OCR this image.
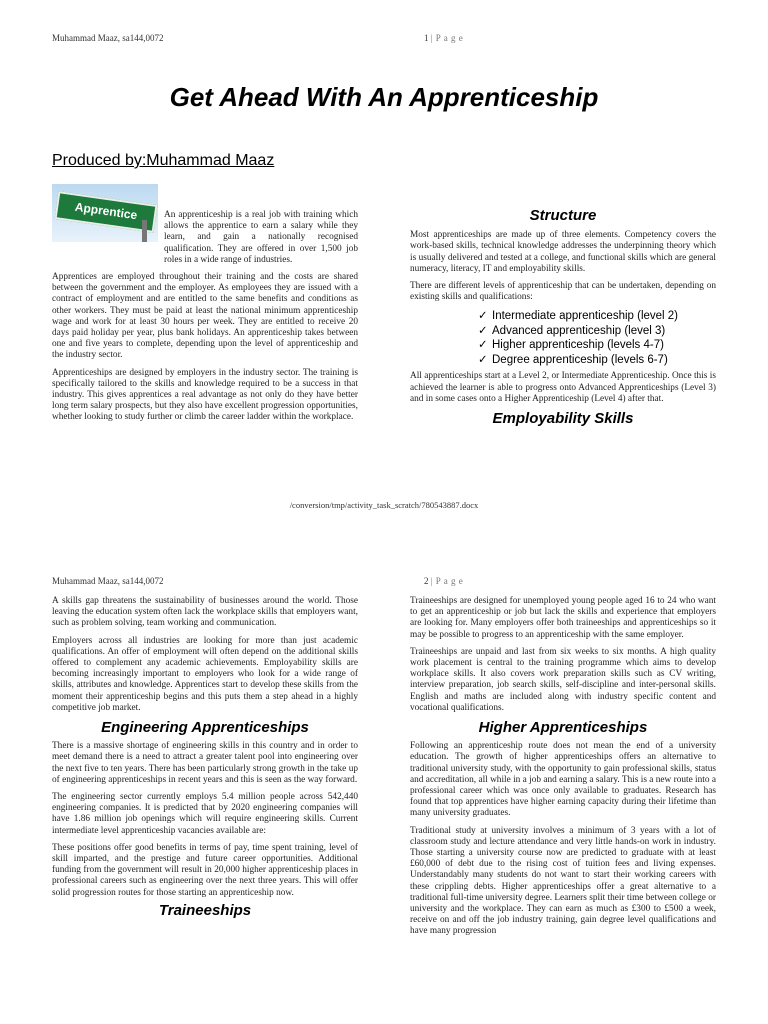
Muhammad Maaz, sa144,0072	1 | P a g e
Get Ahead With An Apprenticeship
Produced by:Muhammad Maaz
Apprentice	An apprenticeship is a real job with training which allows the apprentice to earn a salary while they learn, and gain a nationally recognised qualification. They are offered in over 1,500 job roles in a wide range of industries.

Apprentices are employed throughout their training and the costs are shared between the government and the employer. As employees they are issued with a contract of employment and are entitled to the same benefits and conditions as other workers. They must be paid at least the national minimum apprenticeship wage and work for at least 30 hours per week. They are entitled to receive 20 days paid holiday per year, plus bank holidays. An apprenticeship takes between one and five years to complete, depending upon the level of apprenticeship and the industry sector.

Apprenticeships are designed by employers in the industry sector. The training is specifically tailored to the skills and knowledge required to be a success in that industry. This gives apprentices a real advantage as not only do they have better long term salary prospects, but they also have excellent progression opportunities, whether looking to study further or climb the career ladder within the workplace.

Structure

Most apprenticeships are made up of three elements. Competency covers the work-based skills, technical knowledge addresses the underpinning theory which is usually delivered and tested at a college, and functional skills which are general numeracy, literacy, IT and employability skills.

There are different levels of apprenticeship that can be undertaken, depending on existing skills and qualifications:

✓ Intermediate apprenticeship (level 2)
✓ Advanced apprenticeship (level 3)
✓ Higher apprenticeship (levels 4-7)
✓ Degree apprenticeship (levels 6-7)

All apprenticeships start at a Level 2, or Intermediate Apprenticeship. Once this is achieved the learner is able to progress onto Advanced Apprenticeships (Level 3) and in some cases onto a Higher Apprenticeship (Level 4) after that.

Employability Skills
/conversion/tmp/activity_task_scratch/780543887.docx
Muhammad Maaz, sa144,0072	2 | P a g e

A skills gap threatens the sustainability of businesses around the world. Those leaving the education system often lack the workplace skills that employers want, such as problem solving, team working and communication.

Employers across all industries are looking for more than just academic qualifications. An offer of employment will often depend on the additional skills offered to complement any academic achievements. Employability skills are becoming increasingly important to employers who look for a wide range of skills, attributes and knowledge. Apprentices start to develop these skills from the moment their apprenticeship begins and this puts them a step ahead in a highly competitive job market.

Engineering Apprenticeships

There is a massive shortage of engineering skills in this country and in order to meet demand there is a need to attract a greater talent pool into engineering over the next five to ten years. There has been particularly strong growth in the take up of engineering apprenticeships in recent years and this is seen as the way forward.

The engineering sector currently employs 5.4 million people across 542,440 engineering companies. It is predicted that by 2020 engineering companies will have 1.86 million job openings which will require engineering skills. Current intermediate level apprenticeship vacancies available are:

These positions offer good benefits in terms of pay, time spent training, level of skill imparted, and the prestige and future career opportunities. Additional funding from the government will result in 20,000 higher apprenticeship places in professional careers such as engineering over the next three years. This will offer solid progression routes for those starting an apprenticeship now.

Traineeships

Traineeships are designed for unemployed young people aged 16 to 24 who want to get an apprenticeship or job but lack the skills and experience that employers are looking for. Many employers offer both traineeships and apprenticeships so it may be possible to progress to an apprenticeship with the same employer.

Traineeships are unpaid and last from six weeks to six months. A high quality work placement is central to the training programme which aims to develop workplace skills. It also covers work preparation skills such as CV writing, interview preparation, job search skills, self-discipline and inter-personal skills. English and maths are included along with industry specific content and vocational qualifications.

Higher Apprenticeships

Following an apprenticeship route does not mean the end of a university education. The growth of higher apprenticeships offers an alternative to traditional university study, with the opportunity to gain professional skills, status and accreditation, all while in a job and earning a salary. This is a new route into a professional career which was once only available to graduates. Research has found that top apprentices have higher earning capacity during their lifetime than many university graduates.

Traditional study at university involves a minimum of 3 years with a lot of classroom study and lecture attendance and very little hands-on work in industry. Those starting a university course now are predicted to graduate with at least £60,000 of debt due to the rising cost of tuition fees and living expenses. Understandably many students do not want to start their working careers with these crippling debts. Higher apprenticeships offer a great alternative to a traditional full-time university degree. Learners split their time between college or university and the workplace. They can earn as much as £300 to £500 a week, receive on and off the job industry training, gain degree level qualifications and have many progression
